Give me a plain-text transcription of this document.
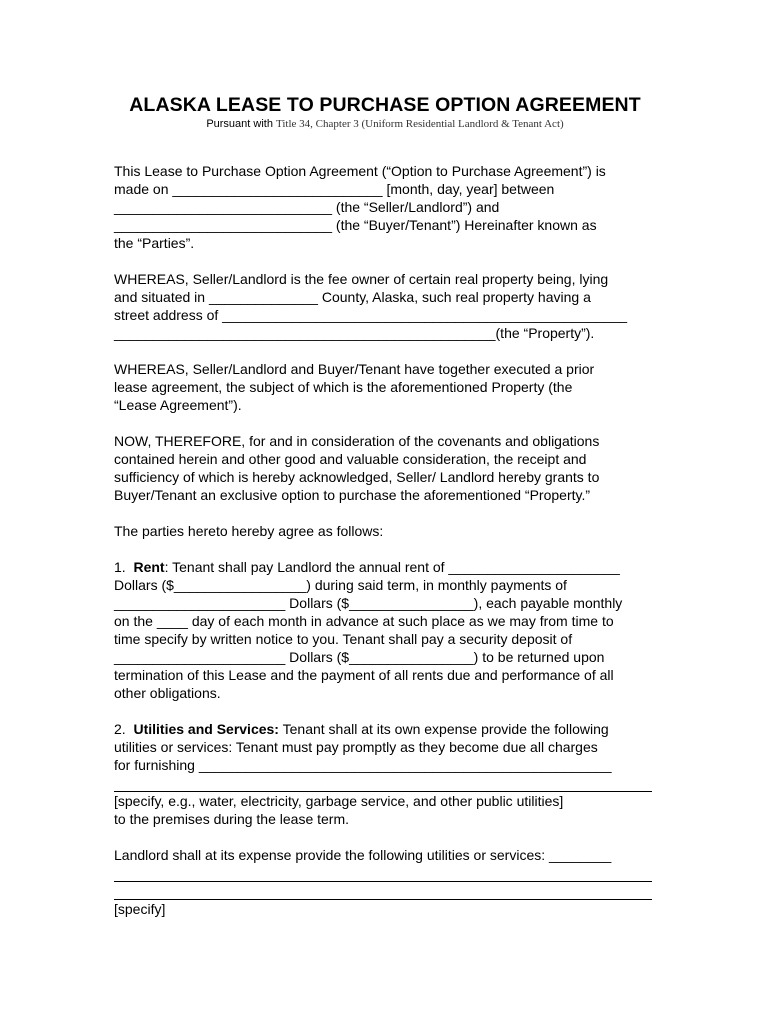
ALASKA LEASE TO PURCHASE OPTION AGREEMENT
Pursuant with Title 34, Chapter 3 (Uniform Residential Landlord & Tenant Act)
This Lease to Purchase Option Agreement (“Option to Purchase Agreement”) is
made on ___________________________ [month, day, year] between
____________________________ (the “Seller/Landlord”) and
____________________________ (the “Buyer/Tenant”) Hereinafter known as
the “Parties”.
WHEREAS, Seller/Landlord is the fee owner of certain real property being, lying
and situated in ______________ County, Alaska, such real property having a
street address of ____________________________________________________
_________________________________________________(the “Property”).
WHEREAS, Seller/Landlord and Buyer/Tenant have together executed a prior
lease agreement, the subject of which is the aforementioned Property (the
“Lease Agreement”).
NOW, THEREFORE, for and in consideration of the covenants and obligations
contained herein and other good and valuable consideration, the receipt and
sufficiency of which is hereby acknowledged, Seller/ Landlord hereby grants to
Buyer/Tenant an exclusive option to purchase the aforementioned “Property.”
The parties hereto hereby agree as follows:
1. Rent: Tenant shall pay Landlord the annual rent of ______________________
Dollars ($_________________) during said term, in monthly payments of
______________________ Dollars ($________________), each payable monthly
on the ____ day of each month in advance at such place as we may from time to
time specify by written notice to you. Tenant shall pay a security deposit of
______________________ Dollars ($________________) to be returned upon
termination of this Lease and the payment of all rents due and performance of all
other obligations.
2. Utilities and Services: Tenant shall at its own expense provide the following
utilities or services: Tenant must pay promptly as they become due all charges
for furnishing _____________________________________________________
[specify, e.g., water, electricity, garbage service, and other public utilities]
to the premises during the lease term.
Landlord shall at its expense provide the following utilities or services: ________
[specify]
